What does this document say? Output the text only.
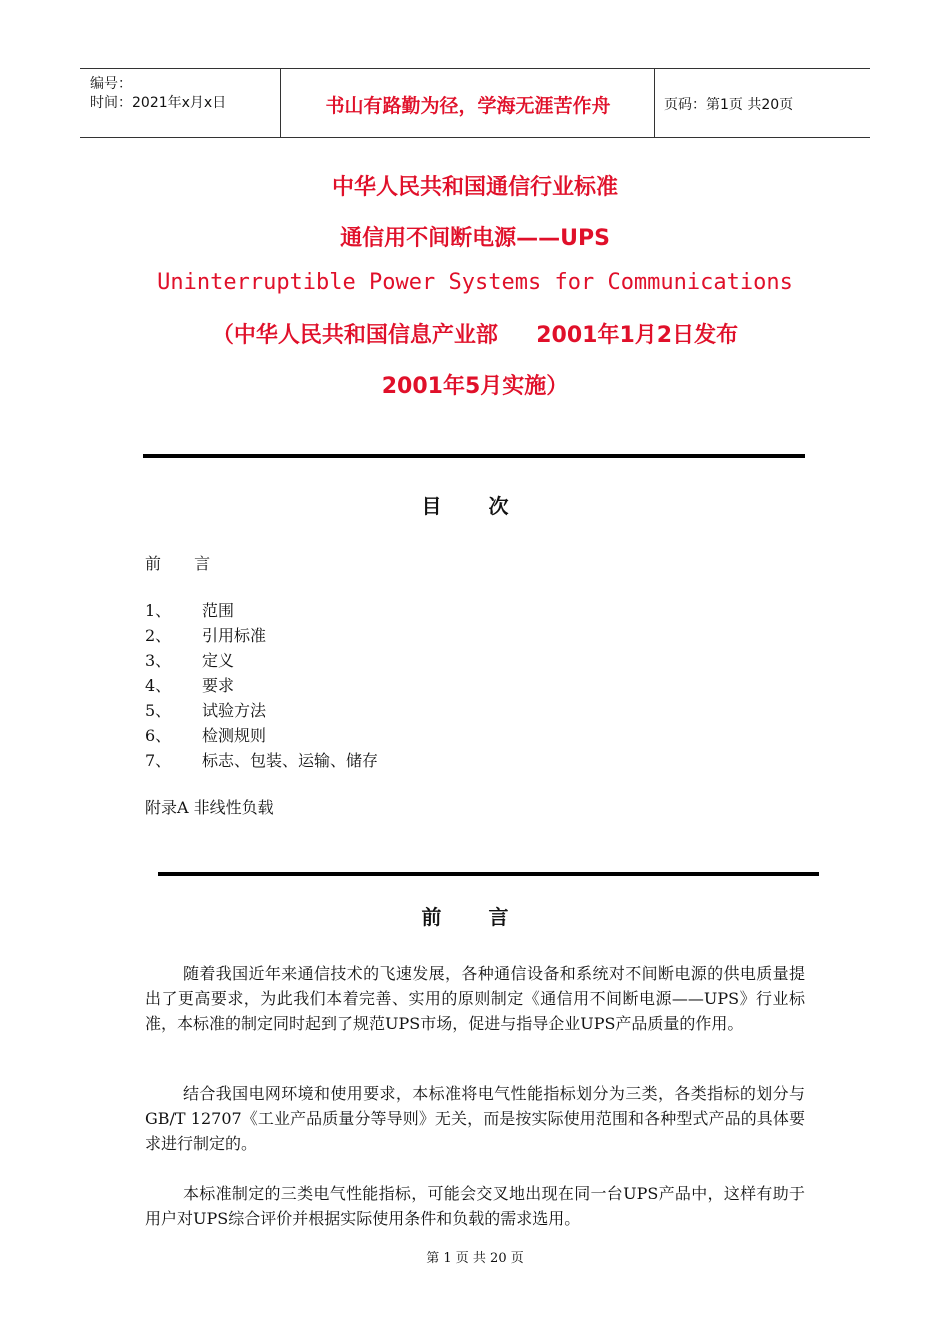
编号：
时间：2021年x月x日	书山有路勤为径，学海无涯苦作舟	页码：第1页 共20页
中华人民共和国通信行业标准
通信用不间断电源——UPS
Uninterruptible Power Systems for Communications
（中华人民共和国信息产业部     2001年1月2日发布
2001年5月实施）
目 次
前 言
1、 范围
2、 引用标准
3、 定义
4、 要求
5、 试验方法
6、 检测规则
7、 标志、包装、运输、储存
附录A 非线性负载
前 言
随着我国近年来通信技术的飞速发展，各种通信设备和系统对不间断电源的供电质量提出了更高要求，为此我们本着完善、实用的原则制定《通信用不间断电源——UPS》行业标准，本标准的制定同时起到了规范UPS市场，促进与指导企业UPS产品质量的作用。
结合我国电网环境和使用要求，本标准将电气性能指标划分为三类，各类指标的划分与GB/T 12707《工业产品质量分等导则》无关，而是按实际使用范围和各种型式产品的具体要求进行制定的。
本标准制定的三类电气性能指标，可能会交叉地出现在同一台UPS产品中，这样有助于用户对UPS综合评价并根据实际使用条件和负载的需求选用。
第 1 页 共 20 页
